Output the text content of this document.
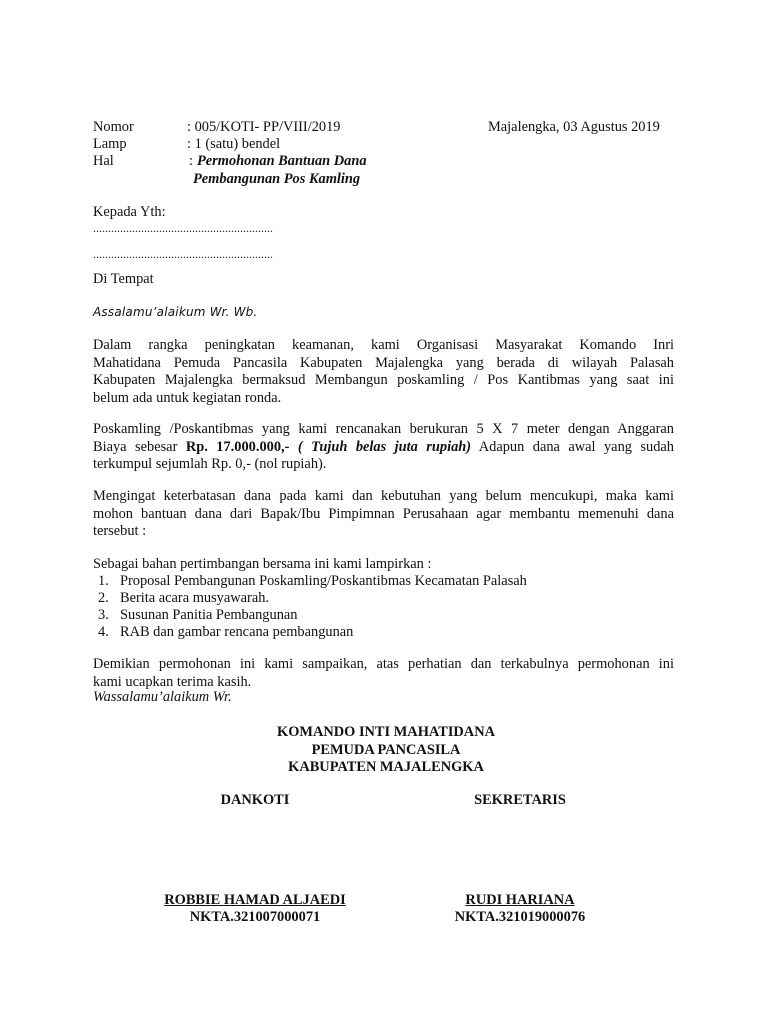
Nomor	: 005/KOTI- PP/VIII/2019	Majalengka, 03 Agustus 2019
Lamp	: 1 (satu) bendel
Hal	: Permohonan Bantuan Dana
Pembangunan Pos Kamling
Kepada Yth:
............................................................
............................................................
Di Tempat
Assalamu’alaikum Wr. Wb.
Dalam rangka peningkatan keamanan, kami Organisasi Masyarakat Komando Inri
Mahatidana Pemuda Pancasila Kabupaten Majalengka yang berada di wilayah Palasah
Kabupaten Majalengka bermaksud Membangun poskamling / Pos Kantibmas yang saat ini
belum ada untuk kegiatan ronda.
Poskamling /Poskantibmas yang kami rencanakan berukuran 5 X 7 meter dengan Anggaran
Biaya sebesar Rp. 17.000.000,- ( Tujuh belas juta rupiah) Adapun dana awal yang sudah
terkumpul sejumlah Rp. 0,- (nol rupiah).
Mengingat keterbatasan dana pada kami dan kebutuhan yang belum mencukupi, maka kami
mohon bantuan dana dari Bapak/Ibu Pimpimnan Perusahaan agar membantu memenuhi dana
tersebut :
Sebagai bahan pertimbangan bersama ini kami lampirkan :
1. Proposal Pembangunan Poskamling/Poskantibmas Kecamatan Palasah
2. Berita acara musyawarah.
3. Susunan Panitia Pembangunan
4. RAB dan gambar rencana pembangunan
Demikian permohonan ini kami sampaikan, atas perhatian dan terkabulnya permohonan ini
kami ucapkan terima kasih.
Wassalamu’alaikum Wr.
KOMANDO INTI MAHATIDANA
PEMUDA PANCASILA
KABUPATEN MAJALENGKA
DANKOTI	SEKRETARIS
ROBBIE HAMAD ALJAEDI
NKTA.321007000071
RUDI HARIANA
NKTA.321019000076
